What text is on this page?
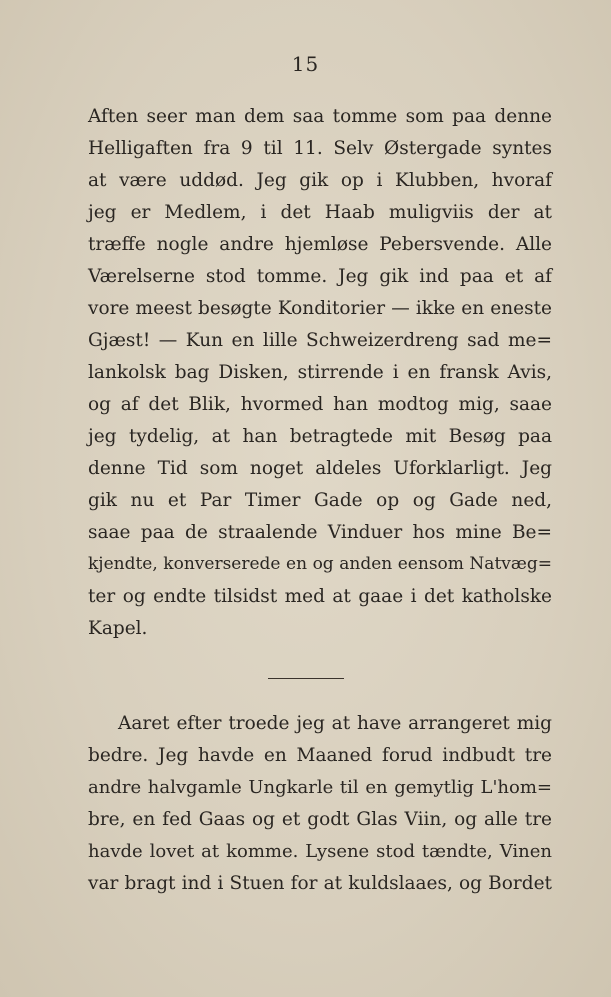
15
Aften seer man dem saa tomme som paa denne
Helligaften fra 9 til 11. Selv Østergade syntes
at være uddød. Jeg gik op i Klubben, hvoraf
jeg er Medlem, i det Haab muligviis der at
træffe nogle andre hjemløse Pebersvende. Alle
Værelserne stod tomme. Jeg gik ind paa et af
vore meest besøgte Konditorier — ikke en eneste
Gjæst! — Kun en lille Schweizerdreng sad me=
lankolsk bag Disken, stirrende i en fransk Avis,
og af det Blik, hvormed han modtog mig, saae
jeg tydelig, at han betragtede mit Besøg paa
denne Tid som noget aldeles Uforklarligt. Jeg
gik nu et Par Timer Gade op og Gade ned,
saae paa de straalende Vinduer hos mine Be=
kjendte, konverserede en og anden eensom Natvæg=
ter og endte tilsidst med at gaae i det katholske
Kapel.
Aaret efter troede jeg at have arrangeret mig
bedre. Jeg havde en Maaned forud indbudt tre
andre halvgamle Ungkarle til en gemytlig L'hom=
bre, en fed Gaas og et godt Glas Viin, og alle tre
havde lovet at komme. Lysene stod tændte, Vinen
var bragt ind i Stuen for at kuldslaaes, og Bordet
